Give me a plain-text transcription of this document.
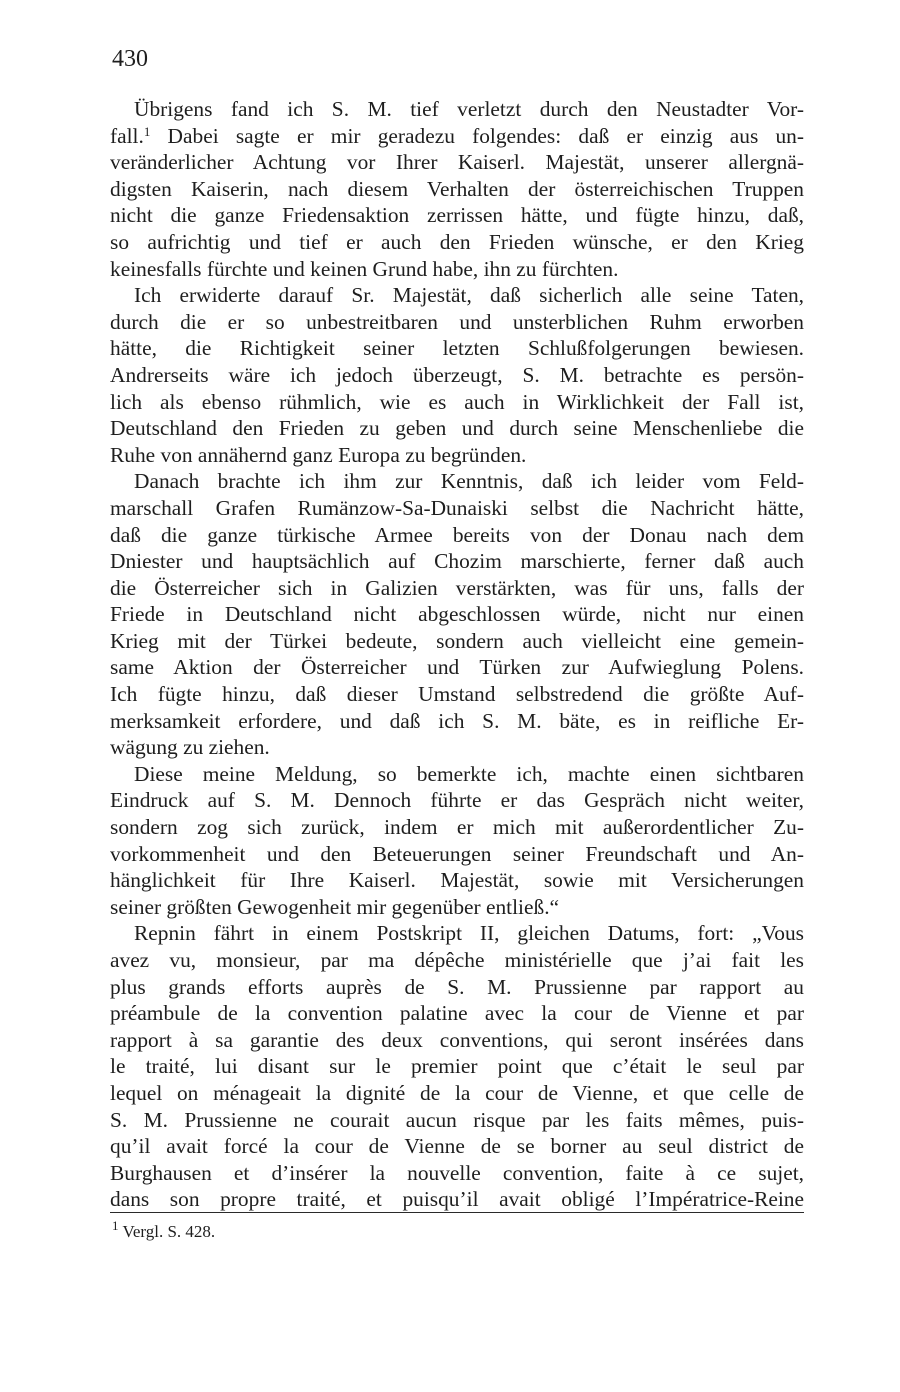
430
Übrigens fand ich S. M. tief verletzt durch den Neustadter Vor-
fall.$^1$ Dabei sagte er mir geradezu folgendes: daß er einzig aus un-
veränderlicher Achtung vor Ihrer Kaiserl. Majestät, unserer allergnä-
digsten Kaiserin, nach diesem Verhalten der österreichischen Truppen
nicht die ganze Friedensaktion zerrissen hätte, und fügte hinzu, daß,
so aufrichtig und tief er auch den Frieden wünsche, er den Krieg
keinesfalls fürchte und keinen Grund habe, ihn zu fürchten.
Ich erwiderte darauf Sr. Majestät, daß sicherlich alle seine Taten,
durch die er so unbestreitbaren und unsterblichen Ruhm erworben
hätte, die Richtigkeit seiner letzten Schlußfolgerungen bewiesen.
Andrerseits wäre ich jedoch überzeugt, S. M. betrachte es persön-
lich als ebenso rühmlich, wie es auch in Wirklichkeit der Fall ist,
Deutschland den Frieden zu geben und durch seine Menschenliebe die
Ruhe von annähernd ganz Europa zu begründen.
Danach brachte ich ihm zur Kenntnis, daß ich leider vom Feld-
marschall Grafen Rumänzow-Sa-Dunaiski selbst die Nachricht hätte,
daß die ganze türkische Armee bereits von der Donau nach dem
Dniester und hauptsächlich auf Chozim marschierte, ferner daß auch
die Österreicher sich in Galizien verstärkten, was für uns, falls der
Friede in Deutschland nicht abgeschlossen würde, nicht nur einen
Krieg mit der Türkei bedeute, sondern auch vielleicht eine gemein-
same Aktion der Österreicher und Türken zur Aufwieglung Polens.
Ich fügte hinzu, daß dieser Umstand selbstredend die größte Auf-
merksamkeit erfordere, und daß ich S. M. bäte, es in reifliche Er-
wägung zu ziehen.
Diese meine Meldung, so bemerkte ich, machte einen sichtbaren
Eindruck auf S. M. Dennoch führte er das Gespräch nicht weiter,
sondern zog sich zurück, indem er mich mit außerordentlicher Zu-
vorkommenheit und den Beteuerungen seiner Freundschaft und An-
hänglichkeit für Ihre Kaiserl. Majestät, sowie mit Versicherungen
seiner größten Gewogenheit mir gegenüber entließ.“
Repnin fährt in einem Postskript II, gleichen Datums, fort: „Vous
avez vu, monsieur, par ma dépêche ministérielle que j’ai fait les
plus grands efforts auprès de S. M. Prussienne par rapport au
préambule de la convention palatine avec la cour de Vienne et par
rapport à sa garantie des deux conventions, qui seront insérées dans
le traité, lui disant sur le premier point que c’était le seul par
lequel on ménageait la dignité de la cour de Vienne, et que celle de
S. M. Prussienne ne courait aucun risque par les faits mêmes, puis-
qu’il avait forcé la cour de Vienne de se borner au seul district de
Burghausen et d’insérer la nouvelle convention, faite à ce sujet,
dans son propre traité, et puisqu’il avait obligé l’Impératrice-Reine
$^1$ Vergl. S. 428.
